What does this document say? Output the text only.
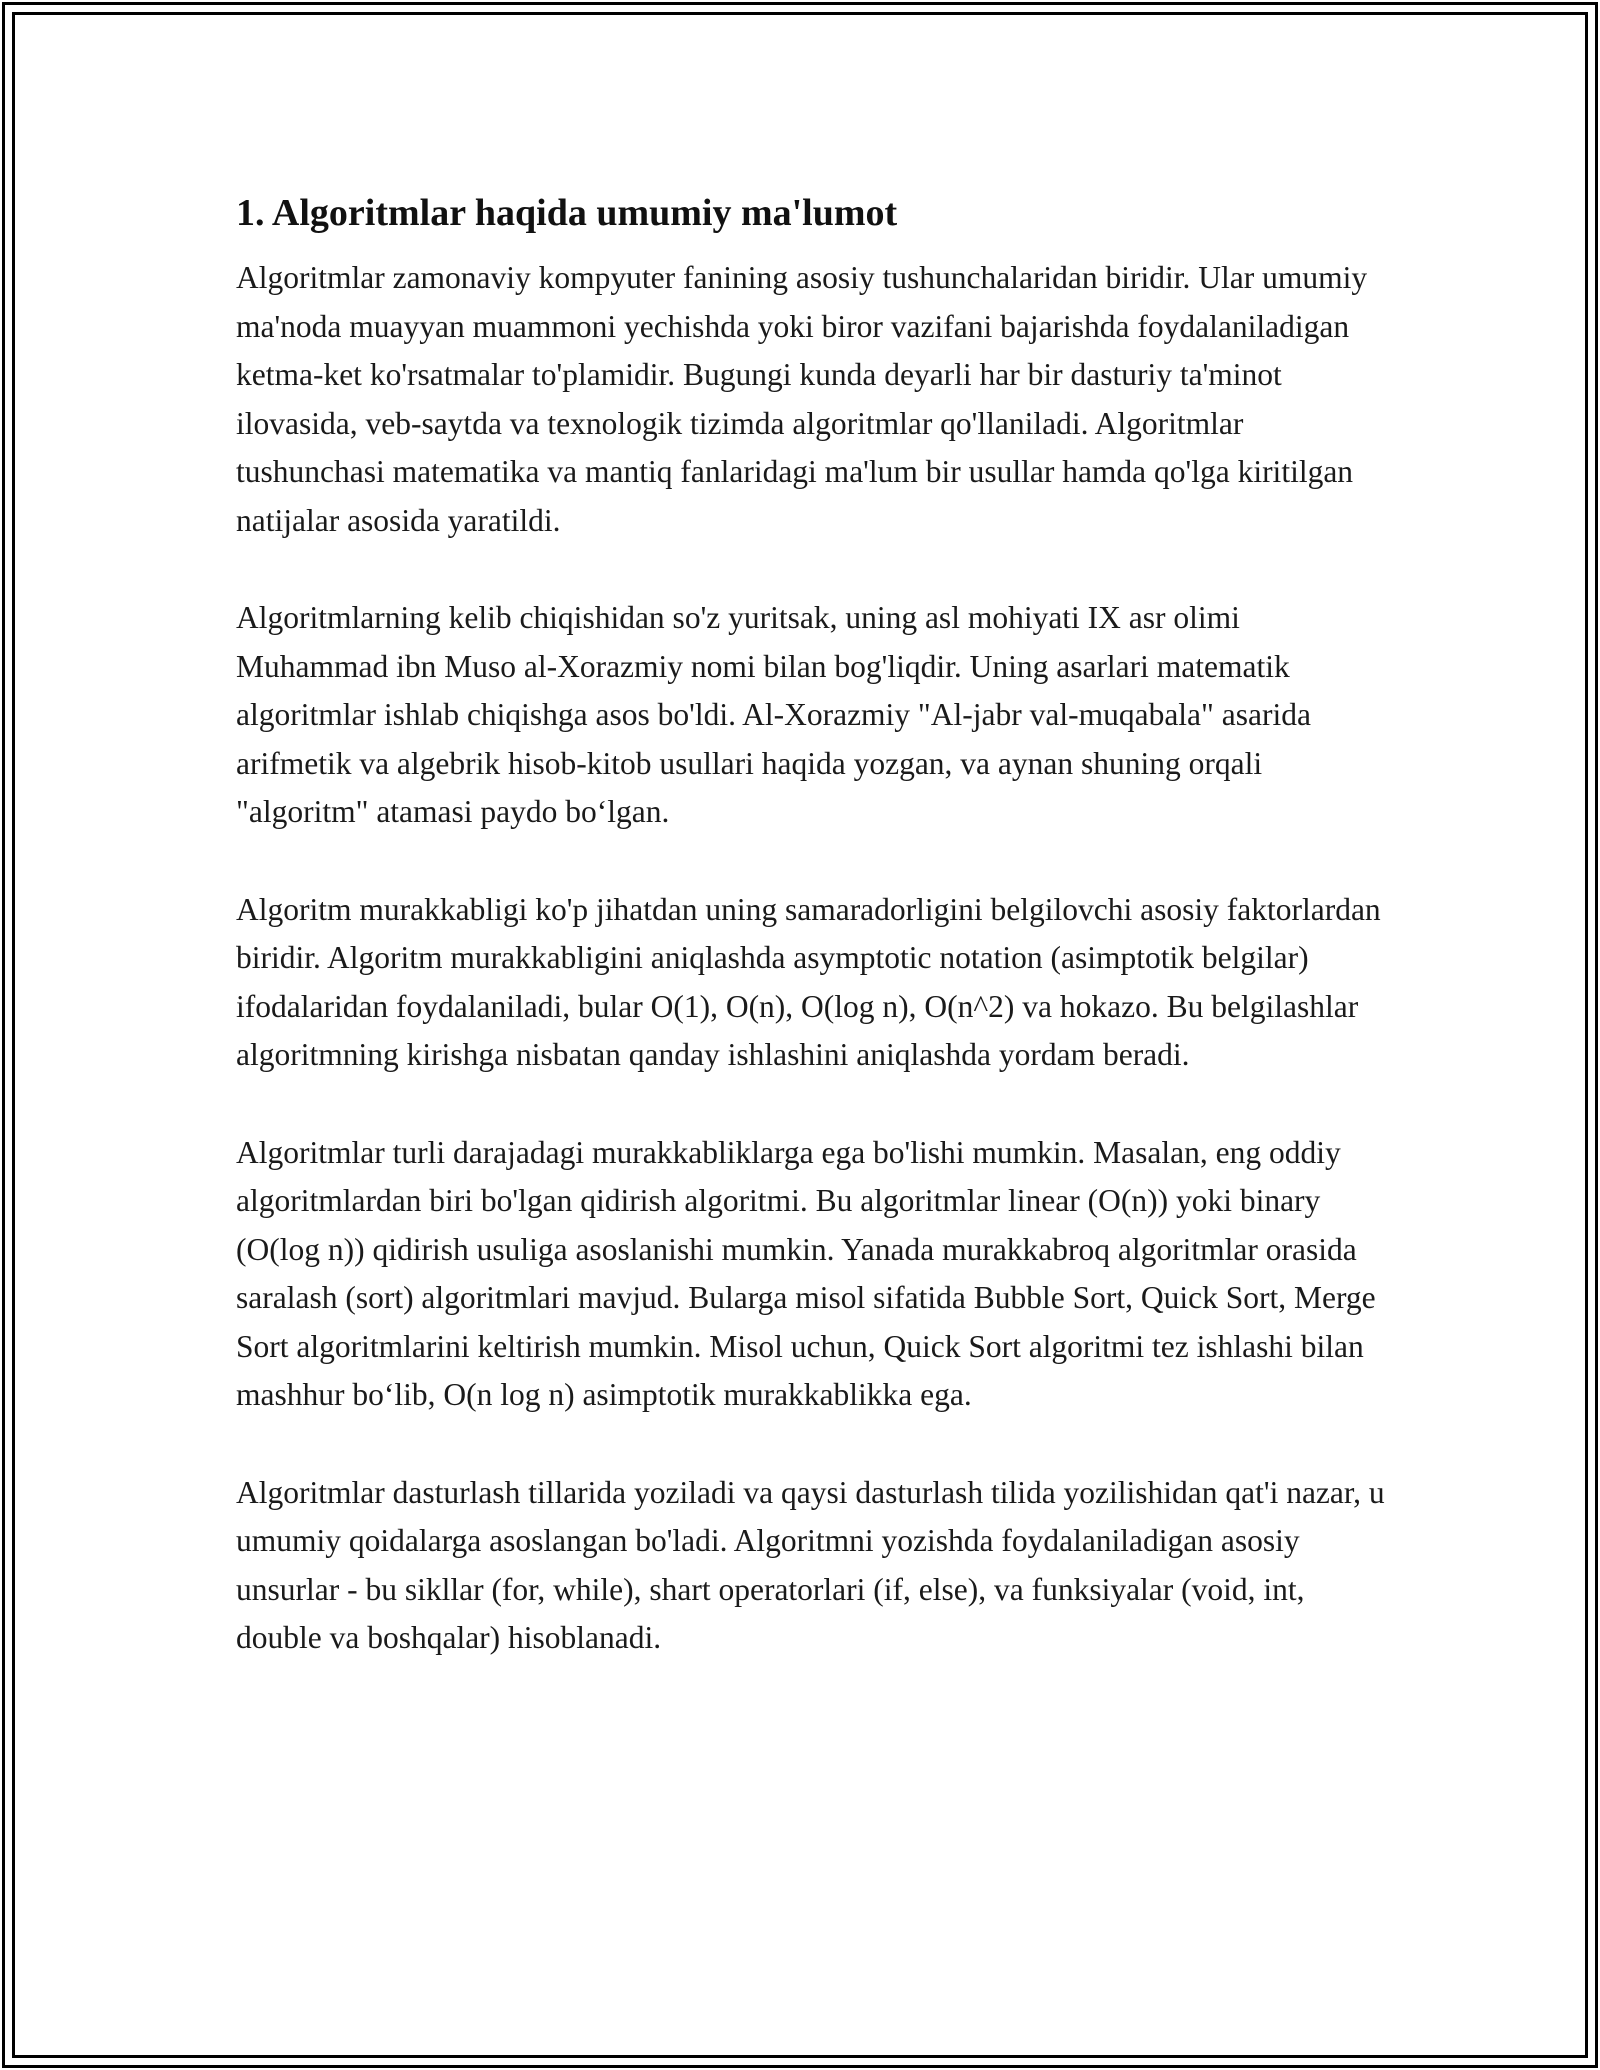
1. Algoritmlar haqida umumiy ma'lumot

Algoritmlar zamonaviy kompyuter fanining asosiy tushunchalaridan biridir. Ular umumiy ma'noda muayyan muammoni yechishda yoki biror vazifani bajarishda foydalaniladigan ketma-ket ko'rsatmalar to'plamidir. Bugungi kunda deyarli har bir dasturiy ta'minot ilovasida, veb-saytda va texnologik tizimda algoritmlar qo'llaniladi. Algoritmlar tushunchasi matematika va mantiq fanlaridagi ma'lum bir usullar hamda qo'lga kiritilgan natijalar asosida yaratildi.

Algoritmlarning kelib chiqishidan so'z yuritsak, uning asl mohiyati IX asr olimi Muhammad ibn Muso al-Xorazmiy nomi bilan bog'liqdir. Uning asarlari matematik algoritmlar ishlab chiqishga asos bo'ldi. Al-Xorazmiy "Al-jabr val-muqabala" asarida arifmetik va algebrik hisob-kitob usullari haqida yozgan, va aynan shuning orqali "algoritm" atamasi paydo bo‘lgan.

Algoritm murakkabligi ko'p jihatdan uning samaradorligini belgilovchi asosiy faktorlardan biridir. Algoritm murakkabligini aniqlashda asymptotic notation (asimptotik belgilar) ifodalaridan foydalaniladi, bular O(1), O(n), O(log n), O(n^2) va hokazo. Bu belgilashlar algoritmning kirishga nisbatan qanday ishlashini aniqlashda yordam beradi.

Algoritmlar turli darajadagi murakkabliklarga ega bo'lishi mumkin. Masalan, eng oddiy algoritmlardan biri bo'lgan qidirish algoritmi. Bu algoritmlar linear (O(n)) yoki binary (O(log n)) qidirish usuliga asoslanishi mumkin. Yanada murakkabroq algoritmlar orasida saralash (sort) algoritmlari mavjud. Bularga misol sifatida Bubble Sort, Quick Sort, Merge Sort algoritmlarini keltirish mumkin. Misol uchun, Quick Sort algoritmi tez ishlashi bilan mashhur bo‘lib, O(n log n) asimptotik murakkablikka ega.

Algoritmlar dasturlash tillarida yoziladi va qaysi dasturlash tilida yozilishidan qat'i nazar, u umumiy qoidalarga asoslangan bo'ladi. Algoritmni yozishda foydalaniladigan asosiy unsurlar - bu sikllar (for, while), shart operatorlari (if, else), va funksiyalar (void, int, double va boshqalar) hisoblanadi.
